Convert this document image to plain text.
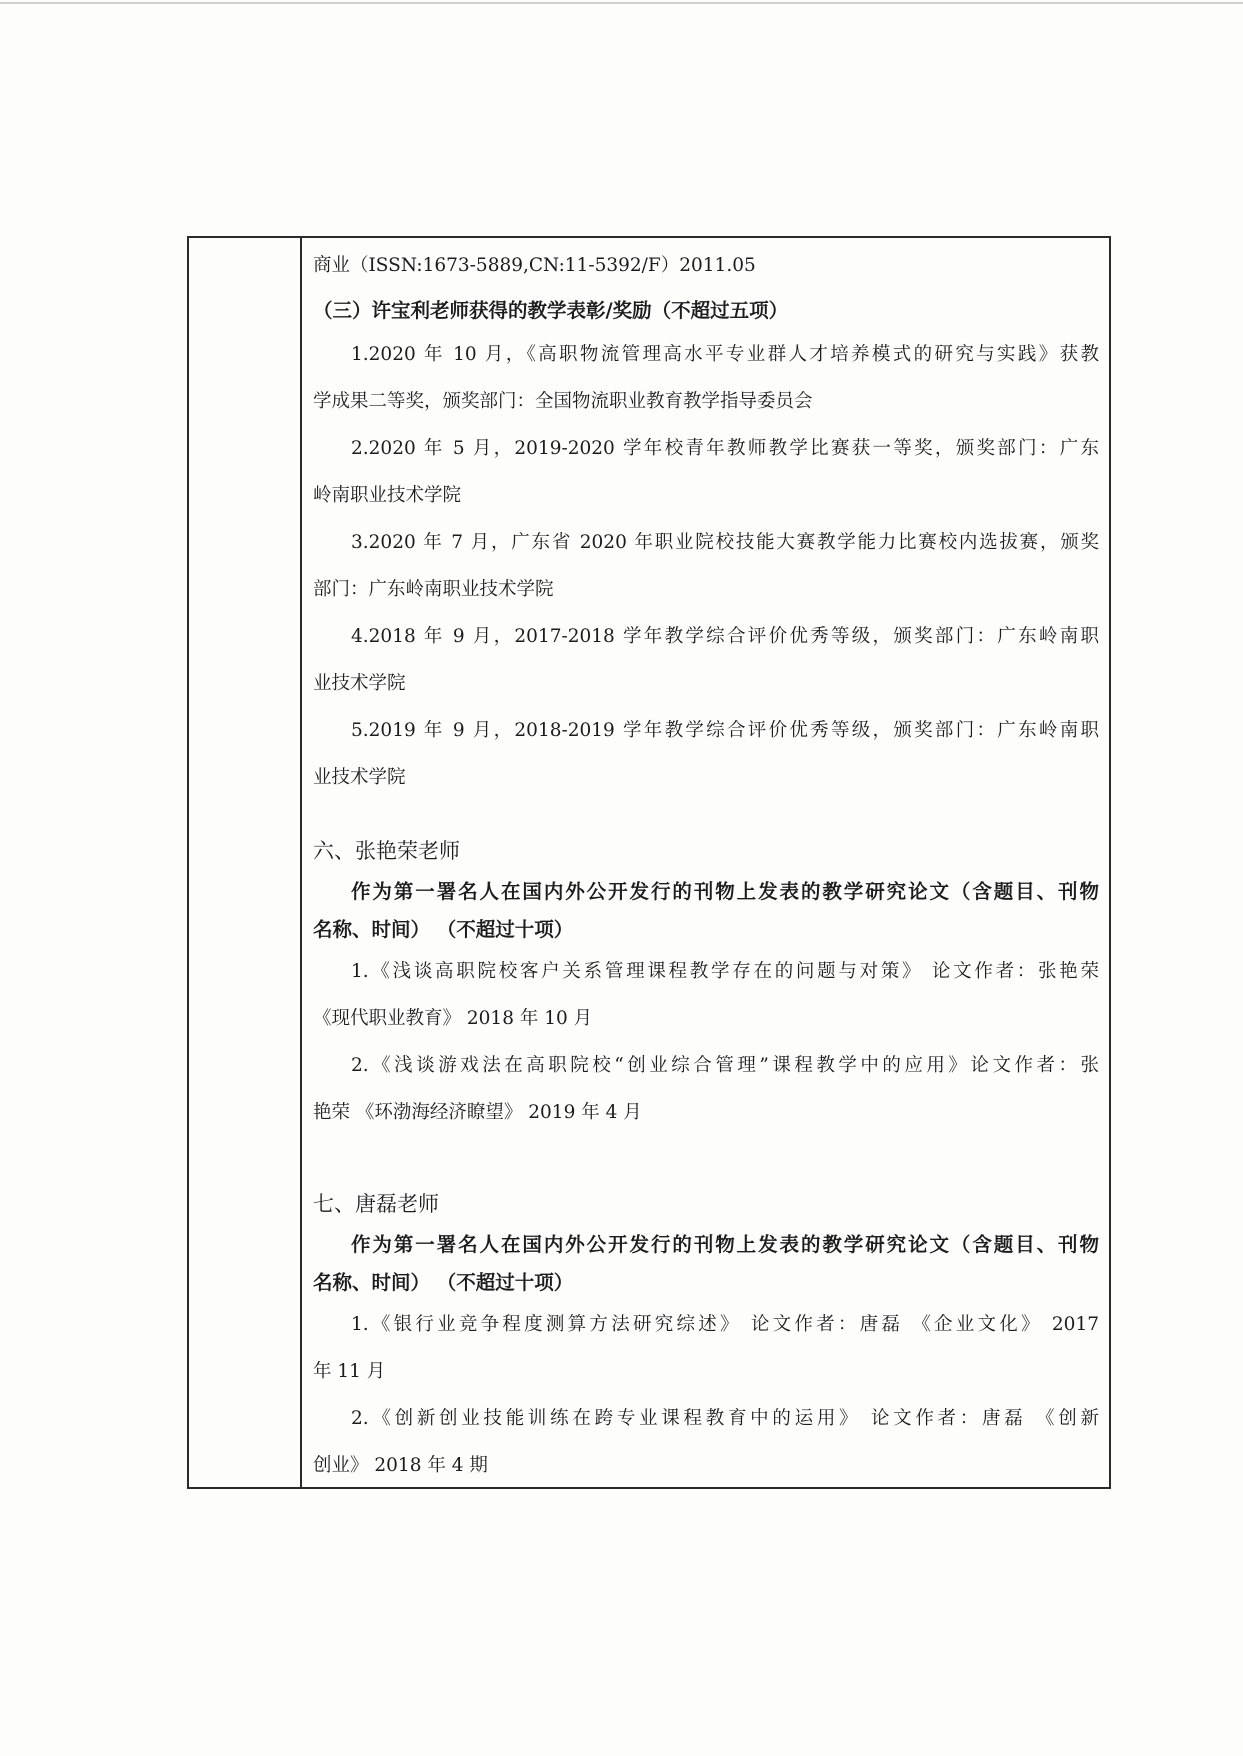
商业（ISSN:1673-5889,CN:11-5392/F）2011.05
（三）许宝利老师获得的教学表彰/奖励（不超过五项）
1.2020 年 10 月，《高职物流管理高水平专业群人才培养模式的研究与实践》获教
学成果二等奖，颁奖部门：全国物流职业教育教学指导委员会
2.2020 年 5 月，2019-2020 学年校青年教师教学比赛获一等奖，颁奖部门：广东
岭南职业技术学院
3.2020 年 7 月，广东省 2020 年职业院校技能大赛教学能力比赛校内选拔赛，颁奖
部门：广东岭南职业技术学院
4.2018 年 9 月，2017-2018 学年教学综合评价优秀等级，颁奖部门：广东岭南职
业技术学院
5.2019 年 9 月，2018-2019 学年教学综合评价优秀等级，颁奖部门：广东岭南职
业技术学院
六、张艳荣老师
作为第一署名人在国内外公开发行的刊物上发表的教学研究论文（含题目、刊物
名称、时间） （不超过十项）
1.《浅谈高职院校客户关系管理课程教学存在的问题与对策》 论文作者：张艳荣
《现代职业教育》 2018 年 10 月
2.《浅谈游戏法在高职院校“创业综合管理”课程教学中的应用》论文作者：张
艳荣 《环渤海经济瞭望》 2019 年 4 月
七、唐磊老师
作为第一署名人在国内外公开发行的刊物上发表的教学研究论文（含题目、刊物
名称、时间） （不超过十项）
1.《银行业竞争程度测算方法研究综述》 论文作者：唐磊 《企业文化》 2017
年 11 月
2.《创新创业技能训练在跨专业课程教育中的运用》 论文作者：唐磊 《创新
创业》 2018 年 4 期
